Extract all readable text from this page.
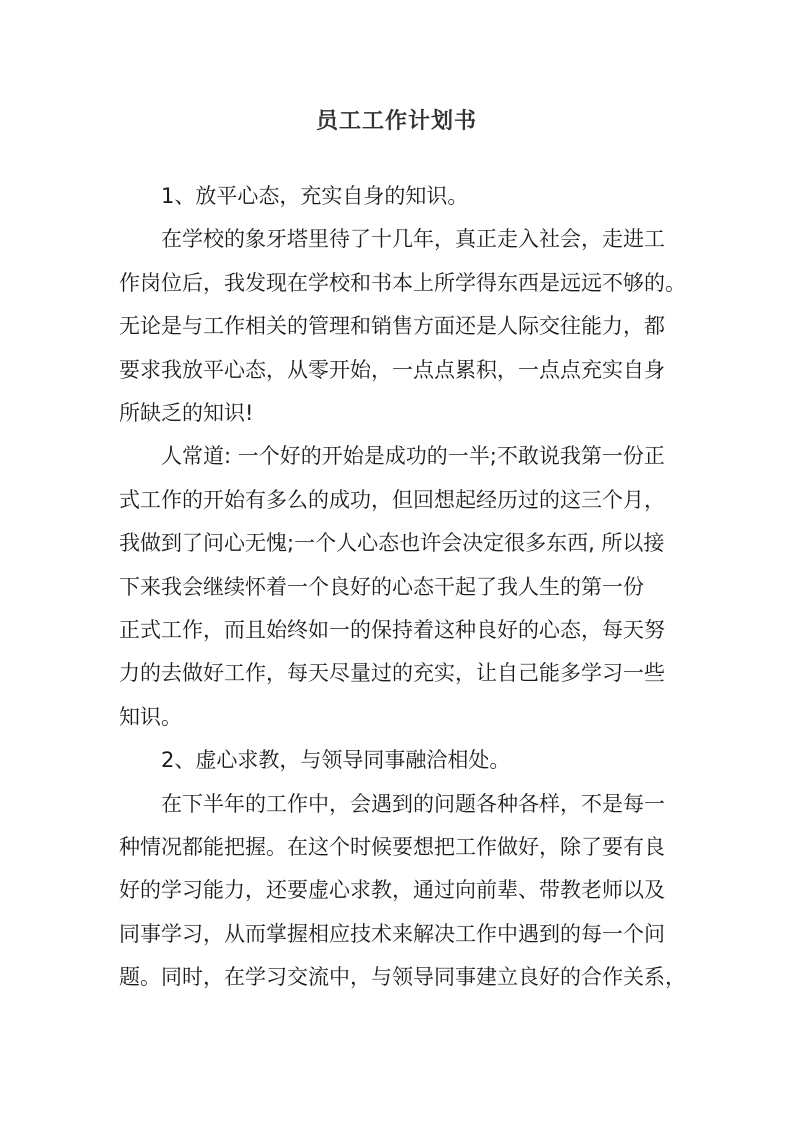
员工工作计划书
1、放平心态，充实自身的知识。
在学校的象牙塔里待了十几年，真正走入社会，走进工
作岗位后，我发现在学校和书本上所学得东西是远远不够的。
无论是与工作相关的管理和销售方面还是人际交往能力，都
要求我放平心态，从零开始，一点点累积，一点点充实自身
所缺乏的知识!
人常道: 一个好的开始是成功的一半;不敢说我第一份正
式工作的开始有多么的成功，但回想起经历过的这三个月，
我做到了问心无愧;一个人心态也许会决定很多东西, 所以接
下来我会继续怀着一个良好的心态干起了我人生的第一份
正式工作，而且始终如一的保持着这种良好的心态，每天努
力的去做好工作，每天尽量过的充实，让自己能多学习一些
知识。
2、虚心求教，与领导同事融洽相处。
在下半年的工作中，会遇到的问题各种各样，不是每一
种情况都能把握。在这个时候要想把工作做好，除了要有良
好的学习能力，还要虚心求教，通过向前辈、带教老师以及
同事学习，从而掌握相应技术来解决工作中遇到的每一个问
题。同时，在学习交流中，与领导同事建立良好的合作关系，
